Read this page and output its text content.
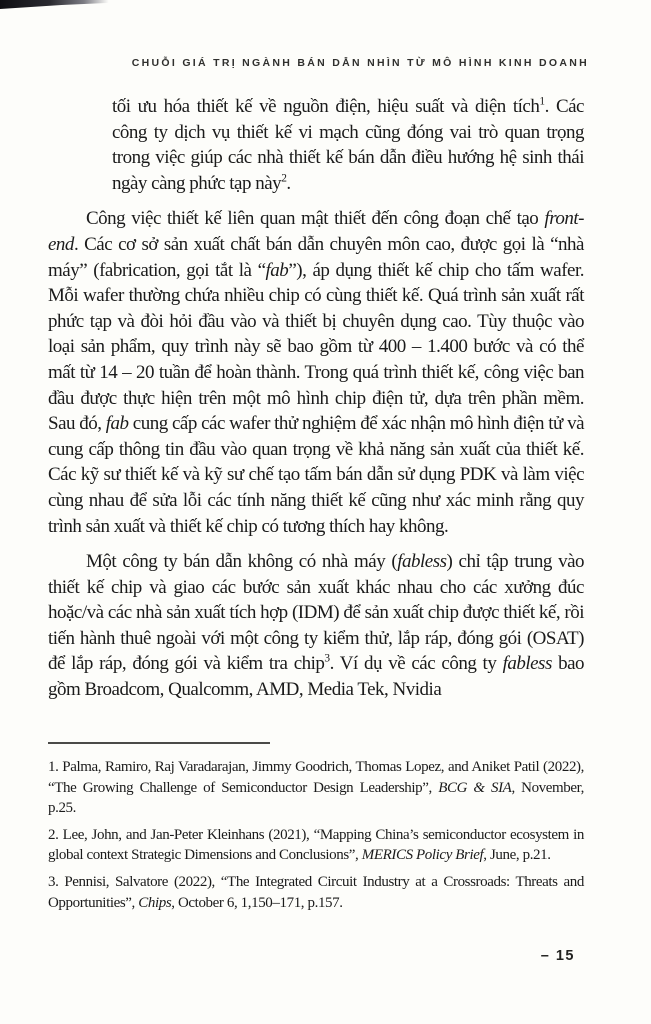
CHUỖI GIÁ TRỊ NGÀNH BÁN DẪN NHÌN TỪ MÔ HÌNH KINH DOANH

tối ưu hóa thiết kế về nguồn điện, hiệu suất và diện tích$^1$. Các công ty dịch vụ thiết kế vi mạch cũng đóng vai trò quan trọng trong việc giúp các nhà thiết kế bán dẫn điều hướng hệ sinh thái ngày càng phức tạp này$^2$.

Công việc thiết kế liên quan mật thiết đến công đoạn chế tạo front-end. Các cơ sở sản xuất chất bán dẫn chuyên môn cao, được gọi là “nhà máy” (fabrication, gọi tắt là “fab”), áp dụng thiết kế chip cho tấm wafer. Mỗi wafer thường chứa nhiều chip có cùng thiết kế. Quá trình sản xuất rất phức tạp và đòi hỏi đầu vào và thiết bị chuyên dụng cao. Tùy thuộc vào loại sản phẩm, quy trình này sẽ bao gồm từ 400 – 1.400 bước và có thể mất từ 14 – 20 tuần để hoàn thành. Trong quá trình thiết kế, công việc ban đầu được thực hiện trên một mô hình chip điện tử, dựa trên phần mềm. Sau đó, fab cung cấp các wafer thử nghiệm để xác nhận mô hình điện tử và cung cấp thông tin đầu vào quan trọng về khả năng sản xuất của thiết kế. Các kỹ sư thiết kế và kỹ sư chế tạo tấm bán dẫn sử dụng PDK và làm việc cùng nhau để sửa lỗi các tính năng thiết kế cũng như xác minh rằng quy trình sản xuất và thiết kế chip có tương thích hay không.

Một công ty bán dẫn không có nhà máy (fabless) chỉ tập trung vào thiết kế chip và giao các bước sản xuất khác nhau cho các xưởng đúc hoặc/và các nhà sản xuất tích hợp (IDM) để sản xuất chip được thiết kế, rồi tiến hành thuê ngoài với một công ty kiểm thử, lắp ráp, đóng gói (OSAT) để lắp ráp, đóng gói và kiểm tra chip$^3$. Ví dụ về các công ty fabless bao gồm Broadcom, Qualcomm, AMD, Media Tek, Nvidia

1. Palma, Ramiro, Raj Varadarajan, Jimmy Goodrich, Thomas Lopez, and Aniket Patil (2022), “The Growing Challenge of Semiconductor Design Leadership”, BCG & SIA, November, p.25.

2. Lee, John, and Jan-Peter Kleinhans (2021), “Mapping China’s semiconductor ecosystem in global context Strategic Dimensions and Conclusions”, MERICS Policy Brief, June, p.21.

3. Pennisi, Salvatore (2022), “The Integrated Circuit Industry at a Crossroads: Threats and Opportunities”, Chips, October 6, 1,150–171, p.157.

– 15
